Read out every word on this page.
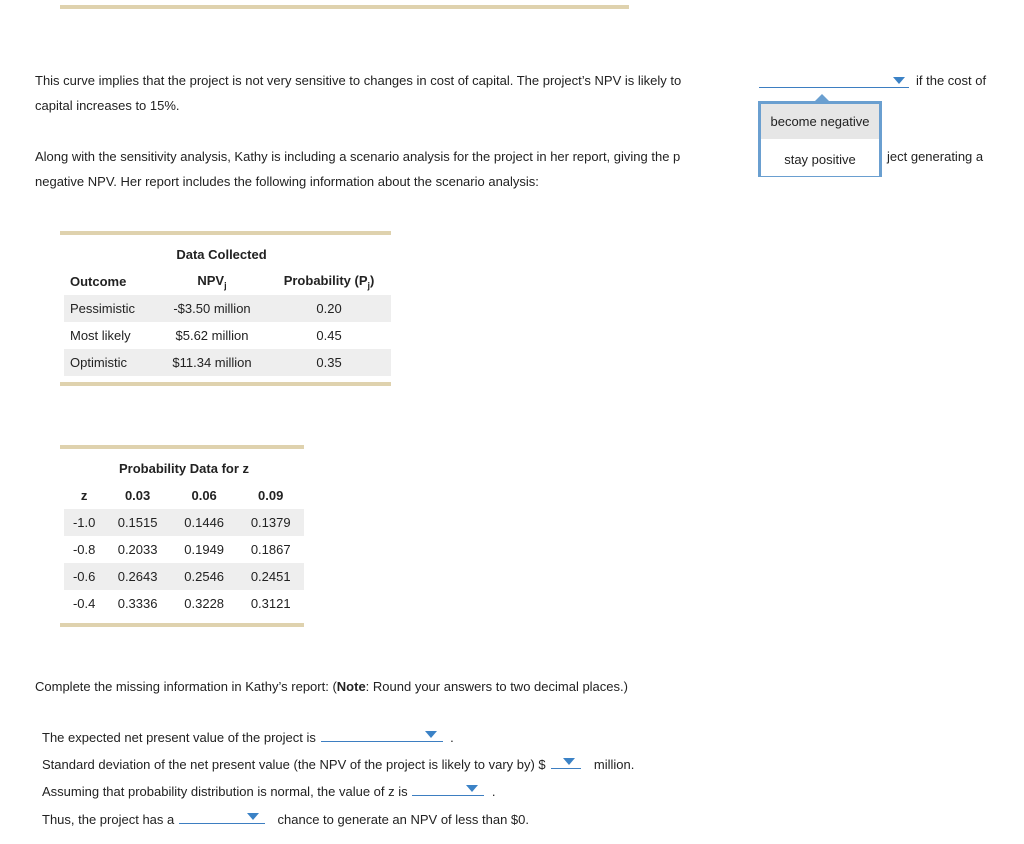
This curve implies that the project is not very sensitive to changes in cost of capital. The project’s NPV is likely to	if the cost of
capital increases to 15%.
Along with the sensitivity analysis, Kathy is including a scenario analysis for the project in her report, giving the p	ject generating a
negative NPV. Her report includes the following information about the scenario analysis:
become negative
stay positive
Data Collected		
Outcome	$NPV_j$	Probability $(P_j)$
Pessimistic	-$3.50 million	0.20
Most likely	$5.62 million	0.45
Optimistic	$11.34 million	0.35
Probability Data for z			
z	0.03	0.06	0.09
-1.0	0.1515	0.1446	0.1379
-0.8	0.2033	0.1949	0.1867
-0.6	0.2643	0.2546	0.2451
-0.4	0.3336	0.3228	0.3121
Complete the missing information in Kathy’s report: (Note: Round your answers to two decimal places.)
The expected net present value of the project is	.
Standard deviation of the net present value (the NPV of the project is likely to vary by) $	million.
Assuming that probability distribution is normal, the value of z is	.
Thus, the project has a	chance to generate an NPV of less than $0.
